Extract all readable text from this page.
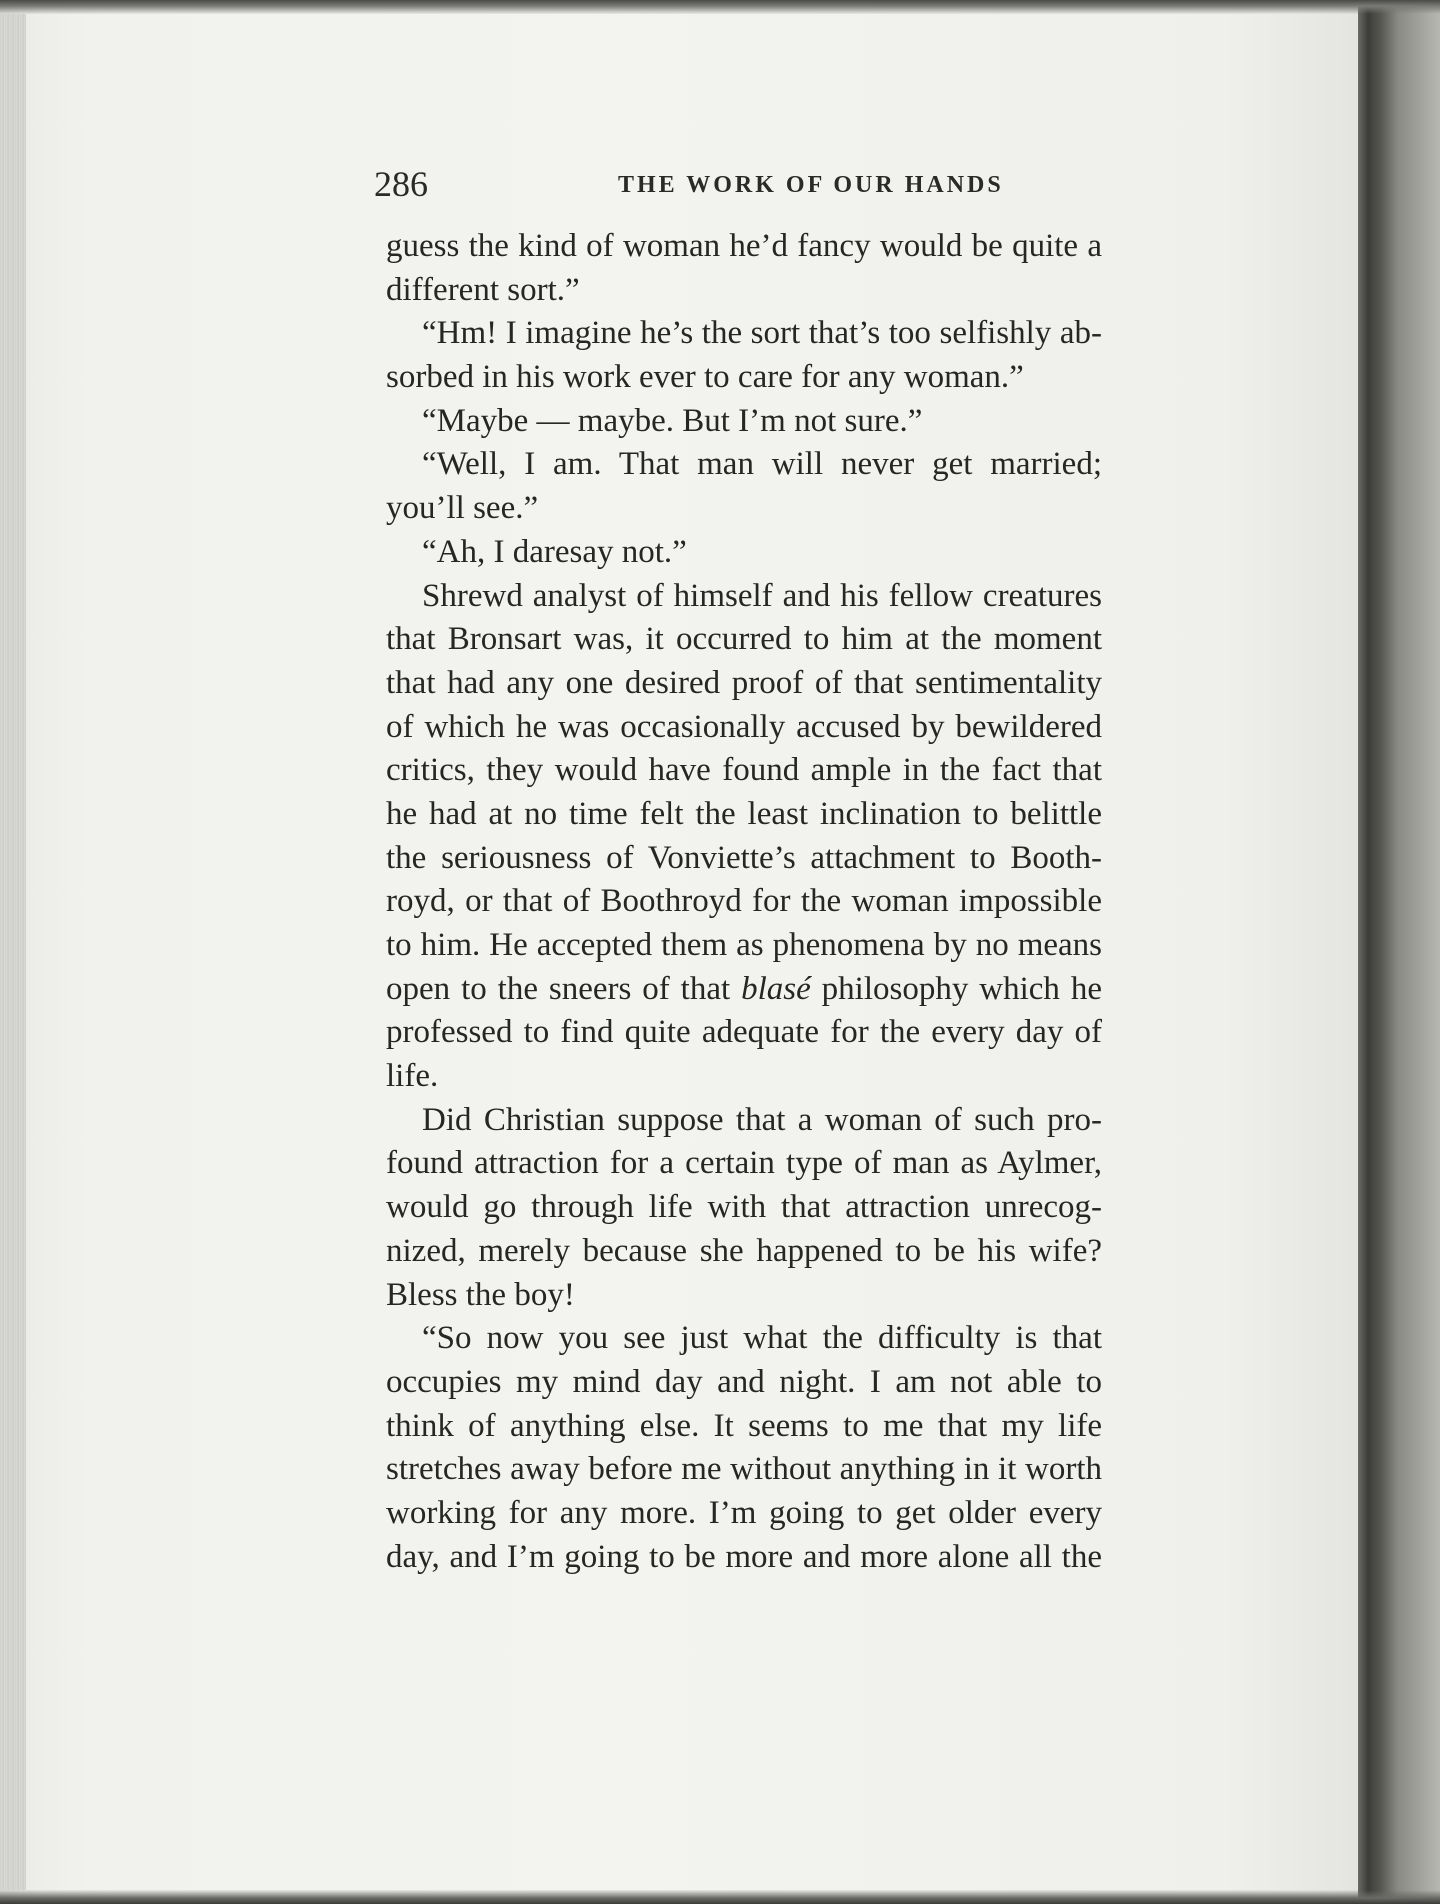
286	THE WORK OF OUR HANDS
guess the kind of woman he’d fancy would be quite a
different sort.”
“Hm! I imagine he’s the sort that’s too selfishly ab-
sorbed in his work ever to care for any woman.”
“Maybe — maybe. But I’m not sure.”
“Well, I am. That man will never get married;
you’ll see.”
“Ah, I daresay not.”
Shrewd analyst of himself and his fellow creatures
that Bronsart was, it occurred to him at the moment
that had any one desired proof of that sentimentality
of which he was occasionally accused by bewildered
critics, they would have found ample in the fact that
he had at no time felt the least inclination to belittle
the seriousness of Vonviette’s attachment to Booth-
royd, or that of Boothroyd for the woman impossible
to him. He accepted them as phenomena by no means
open to the sneers of that blasé philosophy which he
professed to find quite adequate for the every day of
life.
Did Christian suppose that a woman of such pro-
found attraction for a certain type of man as Aylmer,
would go through life with that attraction unrecog-
nized, merely because she happened to be his wife?
Bless the boy!
“So now you see just what the difficulty is that
occupies my mind day and night. I am not able to
think of anything else. It seems to me that my life
stretches away before me without anything in it worth
working for any more. I’m going to get older every
day, and I’m going to be more and more alone all the
